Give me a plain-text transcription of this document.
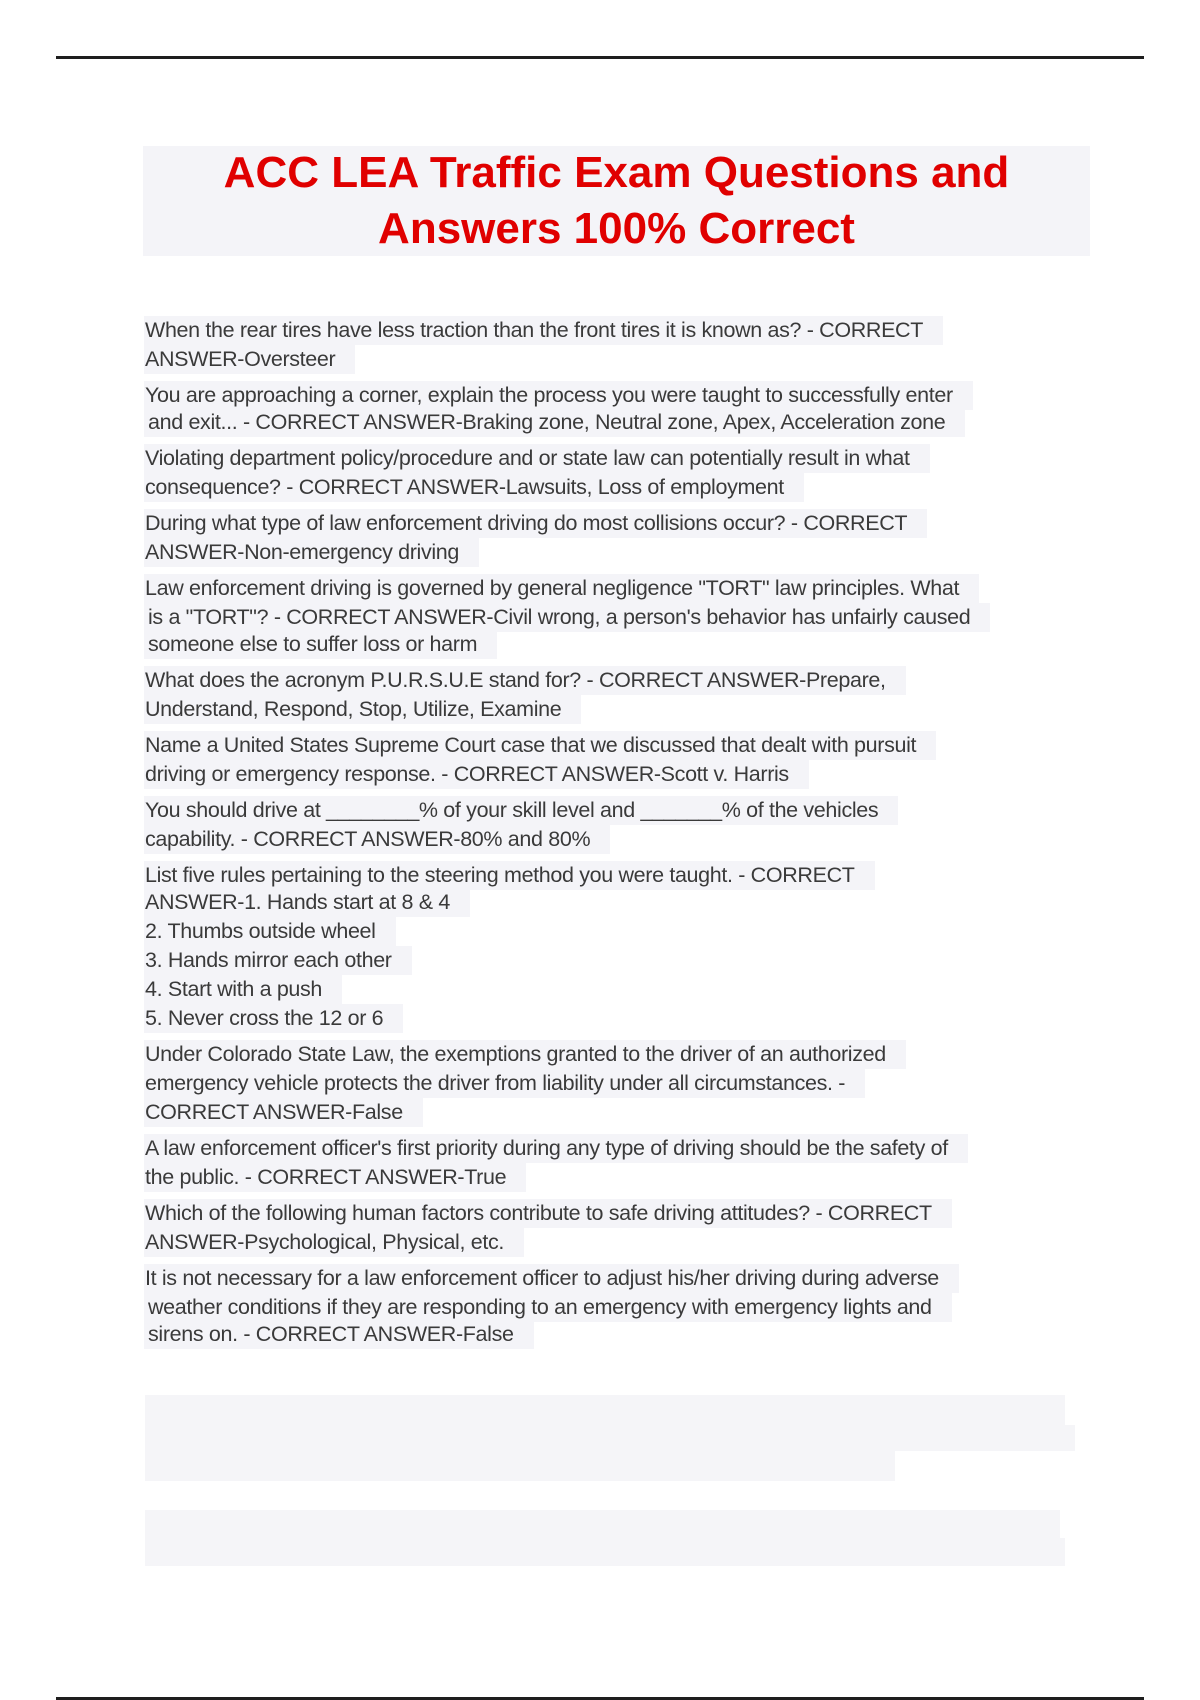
ACC LEA Traffic Exam Questions and
Answers 100% Correct
When the rear tires have less traction than the front tires it is known as? - CORRECT
ANSWER-Oversteer
You are approaching a corner, explain the process you were taught to successfully enter
and exit... - CORRECT ANSWER-Braking zone, Neutral zone, Apex, Acceleration zone
Violating department policy/procedure and or state law can potentially result in what
consequence? - CORRECT ANSWER-Lawsuits, Loss of employment
During what type of law enforcement driving do most collisions occur? - CORRECT
ANSWER-Non-emergency driving
Law enforcement driving is governed by general negligence "TORT" law principles. What
is a "TORT"? - CORRECT ANSWER-Civil wrong, a person's behavior has unfairly caused
someone else to suffer loss or harm
What does the acronym P.U.R.S.U.E stand for? - CORRECT ANSWER-Prepare,
Understand, Respond, Stop, Utilize, Examine
Name a United States Supreme Court case that we discussed that dealt with pursuit
driving or emergency response. - CORRECT ANSWER-Scott v. Harris
You should drive at ________% of your skill level and _______% of the vehicles
capability. - CORRECT ANSWER-80% and 80%
List five rules pertaining to the steering method you were taught. - CORRECT
ANSWER-1. Hands start at 8 & 4
2. Thumbs outside wheel
3. Hands mirror each other
4. Start with a push
5. Never cross the 12 or 6
Under Colorado State Law, the exemptions granted to the driver of an authorized
emergency vehicle protects the driver from liability under all circumstances. -
CORRECT ANSWER-False
A law enforcement officer's first priority during any type of driving should be the safety of
the public. - CORRECT ANSWER-True
Which of the following human factors contribute to safe driving attitudes? - CORRECT
ANSWER-Psychological, Physical, etc.
It is not necessary for a law enforcement officer to adjust his/her driving during adverse
weather conditions if they are responding to an emergency with emergency lights and
sirens on. - CORRECT ANSWER-False
